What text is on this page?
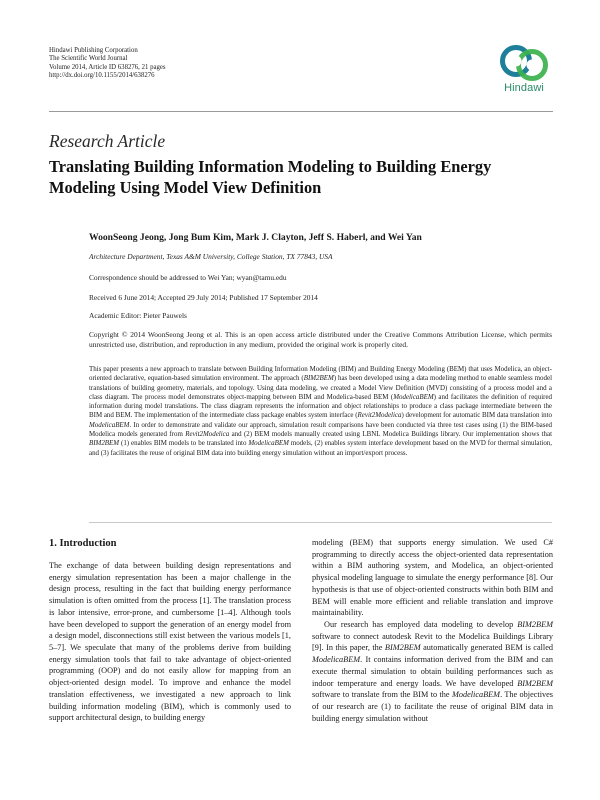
Hindawi Publishing Corporation
The Scientific World Journal
Volume 2014, Article ID 638276, 21 pages
http://dx.doi.org/10.1155/2014/638276
Hindawi
Research Article
Translating Building Information Modeling to Building Energy Modeling Using Model View Definition
WoonSeong Jeong, Jong Bum Kim, Mark J. Clayton, Jeff S. Haberl, and Wei Yan
Architecture Department, Texas A&M University, College Station, TX 77843, USA
Correspondence should be addressed to Wei Yan; wyan@tamu.edu
Received 6 June 2014; Accepted 29 July 2014; Published 17 September 2014
Academic Editor: Pieter Pauwels
Copyright © 2014 WoonSeong Jeong et al. This is an open access article distributed under the Creative Commons Attribution License, which permits unrestricted use, distribution, and reproduction in any medium, provided the original work is properly cited.
This paper presents a new approach to translate between Building Information Modeling (BIM) and Building Energy Modeling (BEM) that uses Modelica, an object-oriented declarative, equation-based simulation environment. The approach (BIM2BEM) has been developed using a data modeling method to enable seamless model translations of building geometry, materials, and topology. Using data modeling, we created a Model View Definition (MVD) consisting of a process model and a class diagram. The process model demonstrates object-mapping between BIM and Modelica-based BEM (ModelicaBEM) and facilitates the definition of required information during model translations. The class diagram represents the information and object relationships to produce a class package intermediate between the BIM and BEM. The implementation of the intermediate class package enables system interface (Revit2Modelica) development for automatic BIM data translation into ModelicaBEM. In order to demonstrate and validate our approach, simulation result comparisons have been conducted via three test cases using (1) the BIM-based Modelica models generated from Revit2Modelica and (2) BEM models manually created using LBNL Modelica Buildings library. Our implementation shows that BIM2BEM (1) enables BIM models to be translated into ModelicaBEM models, (2) enables system interface development based on the MVD for thermal simulation, and (3) facilitates the reuse of original BIM data into building energy simulation without an import/export process.
1. Introduction

The exchange of data between building design representations and energy simulation representation has been a major challenge in the design process, resulting in the fact that building energy performance simulation is often omitted from the process [1]. The translation process is labor intensive, error-prone, and cumbersome [1–4]. Although tools have been developed to support the generation of an energy model from a design model, disconnections still exist between the various models [1, 5–7]. We speculate that many of the problems derive from building energy simulation tools that fail to take advantage of object-oriented programming (OOP) and do not easily allow for mapping from an object-oriented design model. To improve and enhance the model translation effectiveness, we investigated a new approach to link building information modeling (BIM), which is commonly used to support architectural design, to building energy

modeling (BEM) that supports energy simulation. We used C# programming to directly access the object-oriented data representation within a BIM authoring system, and Modelica, an object-oriented physical modeling language to simulate the energy performance [8]. Our hypothesis is that use of object-oriented constructs within both BIM and BEM will enable more efficient and reliable translation and improve maintainability.

Our research has employed data modeling to develop BIM2BEM software to connect autodesk Revit to the Modelica Buildings Library [9]. In this paper, the BIM2BEM automatically generated BEM is called ModelicaBEM. It contains information derived from the BIM and can execute thermal simulation to obtain building performances such as indoor temperature and energy loads. We have developed BIM2BEM software to translate from the BIM to the ModelicaBEM. The objectives of our research are (1) to facilitate the reuse of original BIM data in building energy simulation without
